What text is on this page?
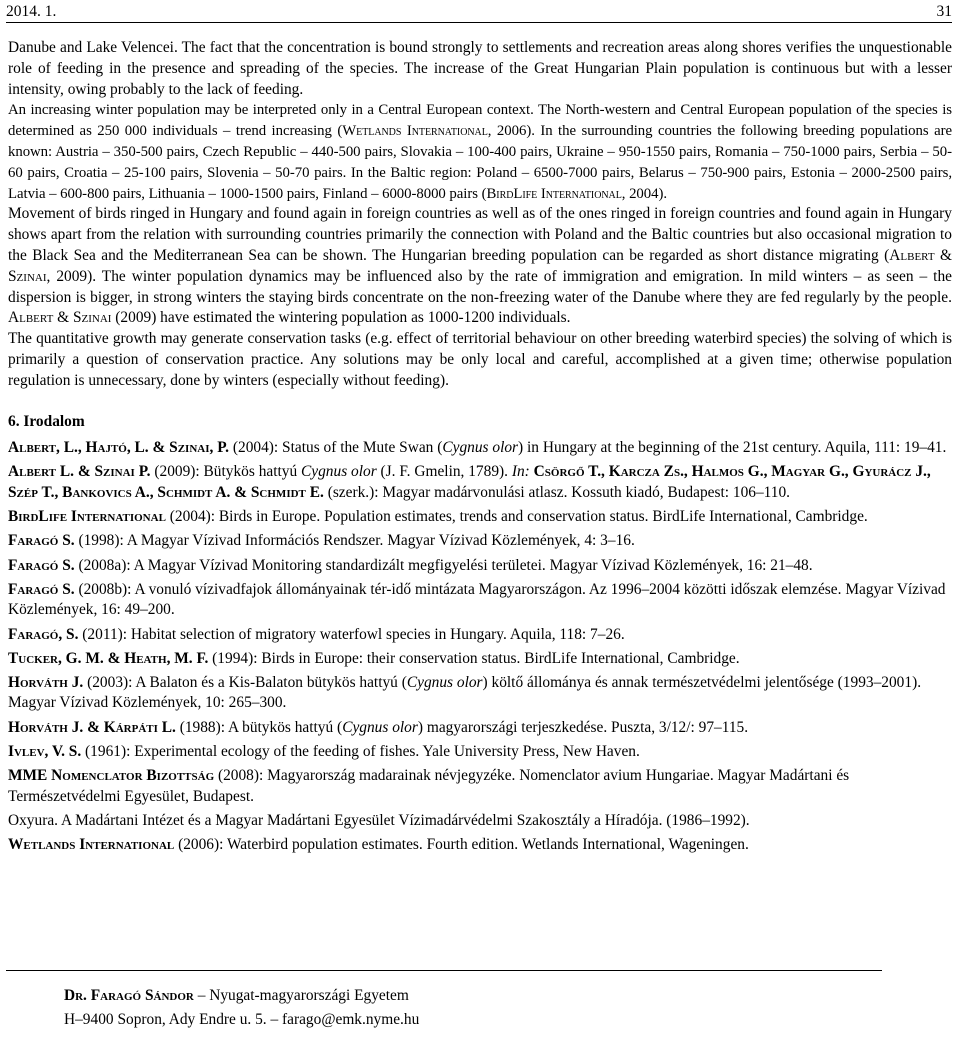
2014. 1.	31

Danube and Lake Velencei. The fact that the concentration is bound strongly to settlements and recreation areas along shores verifies the unquestionable role of feeding in the presence and spreading of the species. The increase of the Great Hungarian Plain population is continuous but with a lesser intensity, owing probably to the lack of feeding.

An increasing winter population may be interpreted only in a Central European context. The North-western and Central European population of the species is determined as 250 000 individuals – trend increasing (Wetlands International, 2006). In the surrounding countries the following breeding populations are known: Austria – 350-500 pairs, Czech Republic – 440-500 pairs, Slovakia – 100-400 pairs, Ukraine – 950-1550 pairs, Romania – 750-1000 pairs, Serbia – 50-60 pairs, Croatia – 25-100 pairs, Slovenia – 50-70 pairs. In the Baltic region: Poland – 6500-7000 pairs, Belarus – 750-900 pairs, Estonia – 2000-2500 pairs, Latvia – 600-800 pairs, Lithuania – 1000-1500 pairs, Finland – 6000-8000 pairs (BirdLife International, 2004).

Movement of birds ringed in Hungary and found again in foreign countries as well as of the ones ringed in foreign countries and found again in Hungary shows apart from the relation with surrounding countries primarily the connection with Poland and the Baltic countries but also occasional migration to the Black Sea and the Mediterranean Sea can be shown. The Hungarian breeding population can be regarded as short distance migrating (Albert & Szinai, 2009). The winter population dynamics may be influenced also by the rate of immigration and emigration. In mild winters – as seen – the dispersion is bigger, in strong winters the staying birds concentrate on the non-freezing water of the Danube where they are fed regularly by the people. Albert & Szinai (2009) have estimated the wintering population as 1000-1200 individuals.

The quantitative growth may generate conservation tasks (e.g. effect of territorial behaviour on other breeding waterbird species) the solving of which is primarily a question of conservation practice. Any solutions may be only local and careful, accomplished at a given time; otherwise population regulation is unnecessary, done by winters (especially without feeding).

6. Irodalom

Albert, L., Hajtó, L. & Szinai, P. (2004): Status of the Mute Swan (Cygnus olor) in Hungary at the beginning of the 21st century. Aquila, 111: 19–41.

Albert L. & Szinai P. (2009): Bütykös hattyú Cygnus olor (J. F. Gmelin, 1789). In: Csörgő T., Karcza Zs., Halmos G., Magyar G., Gyurácz J., Szép T., Bankovics A., Schmidt A. & Schmidt E. (szerk.): Magyar madárvonulási atlasz. Kossuth kiadó, Budapest: 106–110.

BirdLife International (2004): Birds in Europe. Population estimates, trends and conservation status. BirdLife International, Cambridge.

Faragó S. (1998): A Magyar Vízivad Információs Rendszer. Magyar Vízivad Közlemények, 4: 3–16.

Faragó S. (2008a): A Magyar Vízivad Monitoring standardizált megfigyelési területei. Magyar Vízivad Közlemények, 16: 21–48.

Faragó S. (2008b): A vonuló vízivadfajok állományainak tér-idő mintázata Magyarországon. Az 1996–2004 közötti időszak elemzése. Magyar Vízivad Közlemények, 16: 49–200.

Faragó, S. (2011): Habitat selection of migratory waterfowl species in Hungary. Aquila, 118: 7–26.

Tucker, G. M. & Heath, M. F. (1994): Birds in Europe: their conservation status. BirdLife International, Cambridge.

Horváth J. (2003): A Balaton és a Kis-Balaton bütykös hattyú (Cygnus olor) költő állománya és annak természetvédelmi jelentősége (1993–2001). Magyar Vízivad Közlemények, 10: 265–300.

Horváth J. & Kárpáti L. (1988): A bütykös hattyú (Cygnus olor) magyarországi terjeszkedése. Puszta, 3/12/: 97–115.

Ivlev, V. S. (1961): Experimental ecology of the feeding of fishes. Yale University Press, New Haven.

MME Nomenclator Bizottság (2008): Magyarország madarainak névjegyzéke. Nomenclator avium Hungariae. Magyar Madártani és Természetvédelmi Egyesület, Budapest.

Oxyura. A Madártani Intézet és a Magyar Madártani Egyesület Vízimadárvédelmi Szakosztály a Híradója. (1986–1992).

Wetlands International (2006): Waterbird population estimates. Fourth edition. Wetlands International, Wageningen.

Dr. Faragó Sándor – Nyugat-magyarországi Egyetem
H–9400 Sopron, Ady Endre u. 5. – farago@emk.nyme.hu
